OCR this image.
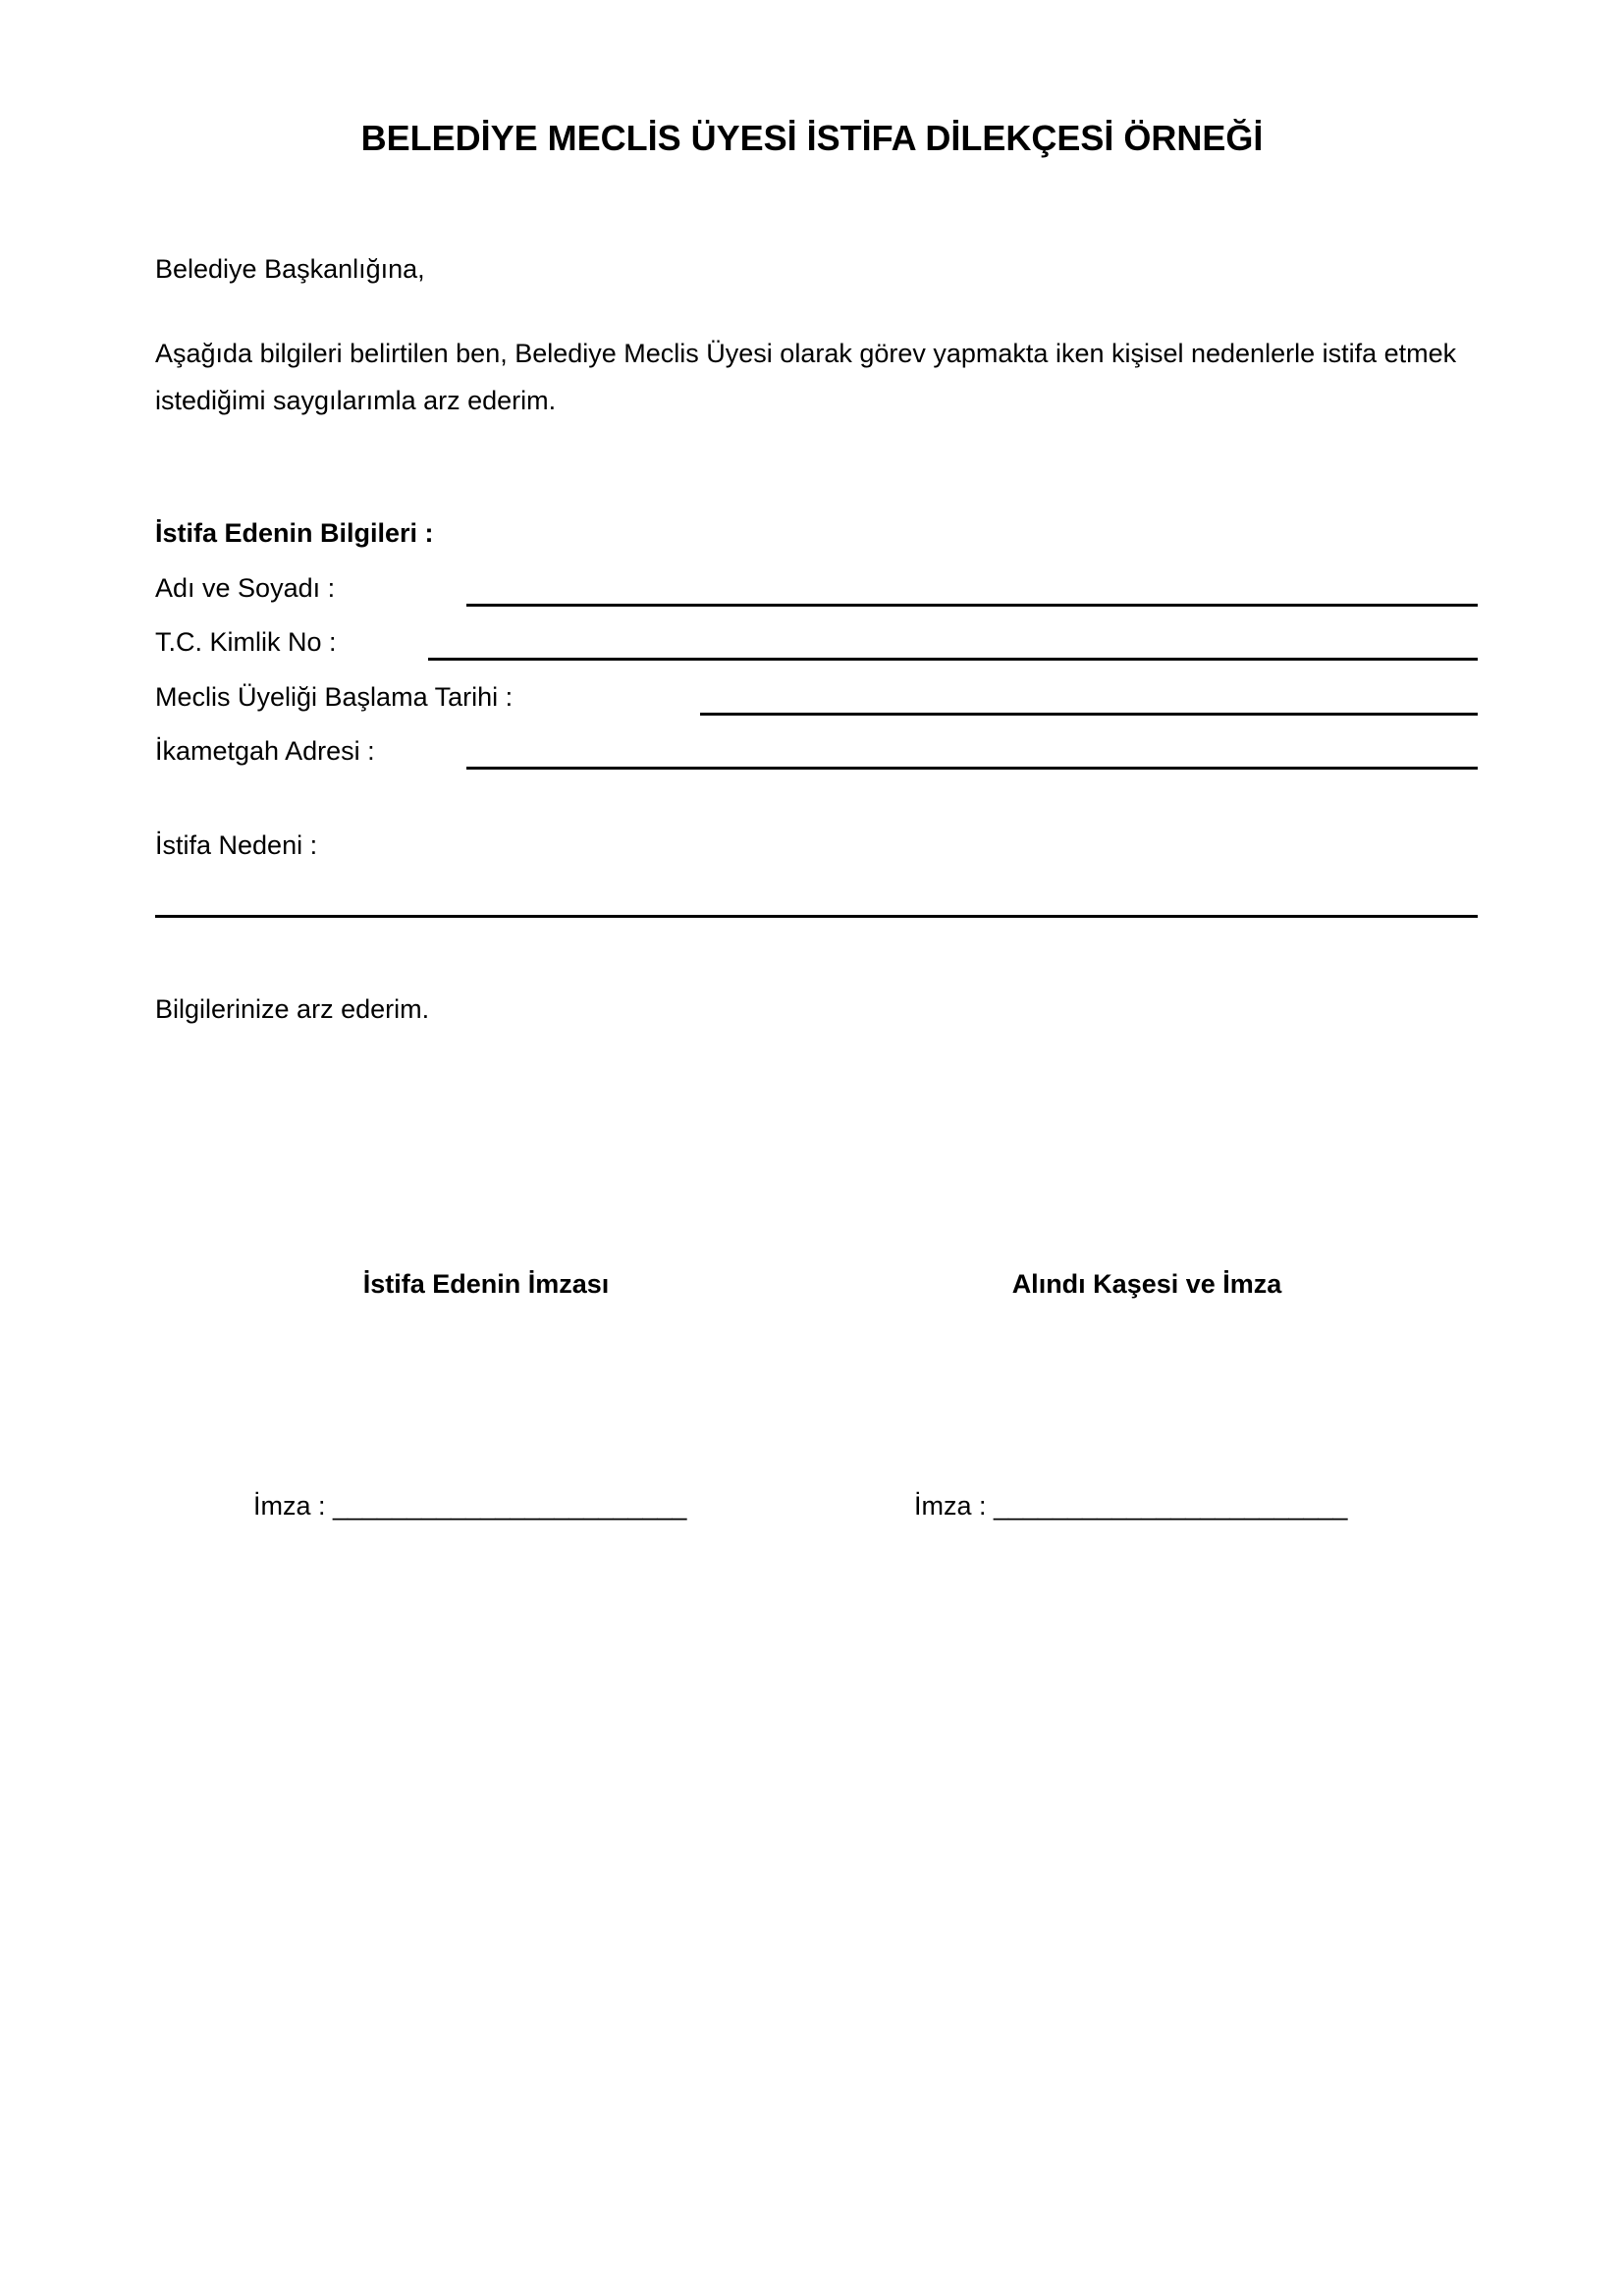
BELEDİYE MECLİS ÜYESİ İSTİFA DİLEKÇESİ ÖRNEĞİ
Belediye Başkanlığına,
Aşağıda bilgileri belirtilen ben, Belediye Meclis Üyesi olarak görev yapmakta iken kişisel nedenlerle istifa etmek istediğimi saygılarımla arz ederim.
İstifa Edenin Bilgileri :
Adı ve Soyadı :
T.C. Kimlik No :
Meclis Üyeliği Başlama Tarihi :
İkametgah Adresi :
İstifa Nedeni :
Bilgilerinize arz ederim.
İstifa Edenin İmzası	Alındı Kaşesi ve İmza
İmza : ________________________	İmza : ________________________
